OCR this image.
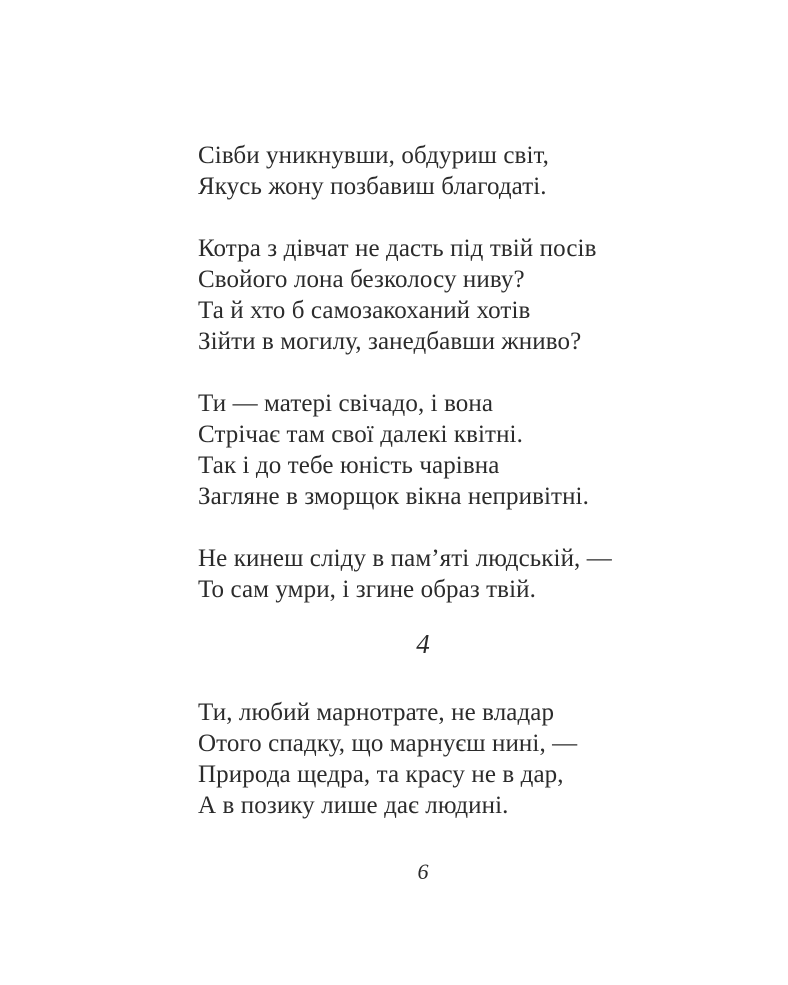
Сівби уникнувши, обдуриш світ,
Якусь жону позбавиш благодаті.
Котра з дівчат не дасть під твій посів
Свойого лона безколосу ниву?
Та й хто б самозакоханий хотів
Зійти в могилу, занедбавши жниво?
Ти — матері свічадо, і вона
Стрічає там свої далекі квітні.
Так і до тебе юність чарівна
Загляне в зморщок вікна непривітні.
Не кинеш сліду в пам’яті людській, —
То сам умри, і згине образ твій.
4
Ти, любий марнотрате, не владар
Отого спадку, що марнуєш нині, —
Природа щедра, та красу не в дар,
А в позику лише дає людині.
6
